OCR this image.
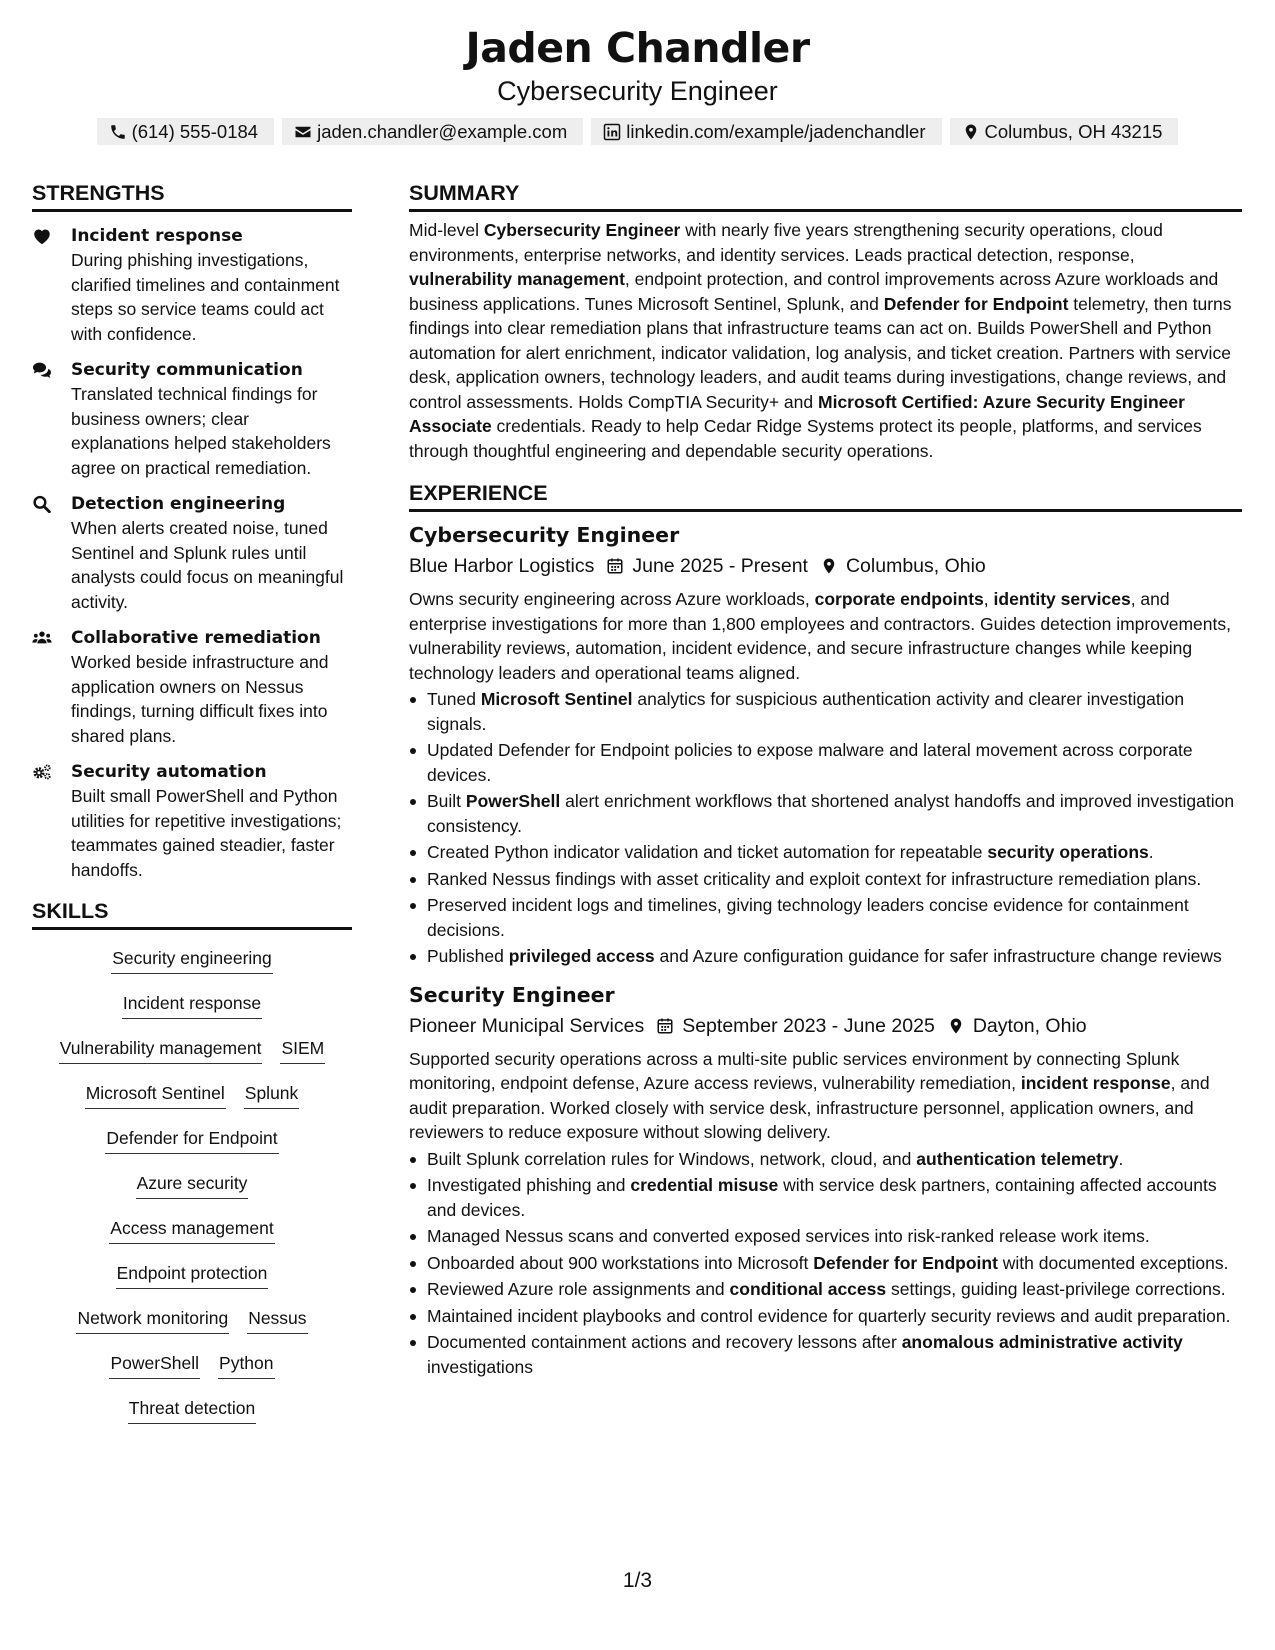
Jaden Chandler
Cybersecurity Engineer
(614) 555-0184	jaden.chandler@example.com	linkedin.com/example/jadenchandler	Columbus, OH 43215
STRENGTHS
Incident response
During phishing investigations, clarified timelines and containment steps so service teams could act with confidence.
Security communication
Translated technical findings for business owners; clear explanations helped stakeholders agree on practical remediation.
Detection engineering
When alerts created noise, tuned Sentinel and Splunk rules until analysts could focus on meaningful activity.
Collaborative remediation
Worked beside infrastructure and application owners on Nessus findings, turning difficult fixes into shared plans.
Security automation
Built small PowerShell and Python utilities for repetitive investigations; teammates gained steadier, faster handoffs.
SKILLS
Security engineering
Incident response
Vulnerability management SIEM
Microsoft Sentinel Splunk
Defender for Endpoint
Azure security
Access management
Endpoint protection
Network monitoring Nessus
PowerShell Python
Threat detection
SUMMARY
Mid-level Cybersecurity Engineer with nearly five years strengthening security operations, cloud environments, enterprise networks, and identity services. Leads practical detection, response, vulnerability management, endpoint protection, and control improvements across Azure workloads and business applications. Tunes Microsoft Sentinel, Splunk, and Defender for Endpoint telemetry, then turns findings into clear remediation plans that infrastructure teams can act on. Builds PowerShell and Python automation for alert enrichment, indicator validation, log analysis, and ticket creation. Partners with service desk, application owners, technology leaders, and audit teams during investigations, change reviews, and control assessments. Holds CompTIA Security+ and Microsoft Certified: Azure Security Engineer Associate credentials. Ready to help Cedar Ridge Systems protect its people, platforms, and services through thoughtful engineering and dependable security operations.
EXPERIENCE
Cybersecurity Engineer
Blue Harbor Logistics June 2025 - Present Columbus, Ohio
Owns security engineering across Azure workloads, corporate endpoints, identity services, and enterprise investigations for more than 1,800 employees and contractors. Guides detection improvements, vulnerability reviews, automation, incident evidence, and secure infrastructure changes while keeping technology leaders and operational teams aligned.
Tuned Microsoft Sentinel analytics for suspicious authentication activity and clearer investigation signals.
Updated Defender for Endpoint policies to expose malware and lateral movement across corporate devices.
Built PowerShell alert enrichment workflows that shortened analyst handoffs and improved investigation consistency.
Created Python indicator validation and ticket automation for repeatable security operations.
Ranked Nessus findings with asset criticality and exploit context for infrastructure remediation plans.
Preserved incident logs and timelines, giving technology leaders concise evidence for containment decisions.
Published privileged access and Azure configuration guidance for safer infrastructure change reviews
Security Engineer
Pioneer Municipal Services September 2023 - June 2025 Dayton, Ohio
Supported security operations across a multi-site public services environment by connecting Splunk monitoring, endpoint defense, Azure access reviews, vulnerability remediation, incident response, and audit preparation. Worked closely with service desk, infrastructure personnel, application owners, and reviewers to reduce exposure without slowing delivery.
Built Splunk correlation rules for Windows, network, cloud, and authentication telemetry.
Investigated phishing and credential misuse with service desk partners, containing affected accounts and devices.
Managed Nessus scans and converted exposed services into risk-ranked release work items.
Onboarded about 900 workstations into Microsoft Defender for Endpoint with documented exceptions.
Reviewed Azure role assignments and conditional access settings, guiding least-privilege corrections.
Maintained incident playbooks and control evidence for quarterly security reviews and audit preparation.
Documented containment actions and recovery lessons after anomalous administrative activity investigations
1/3
